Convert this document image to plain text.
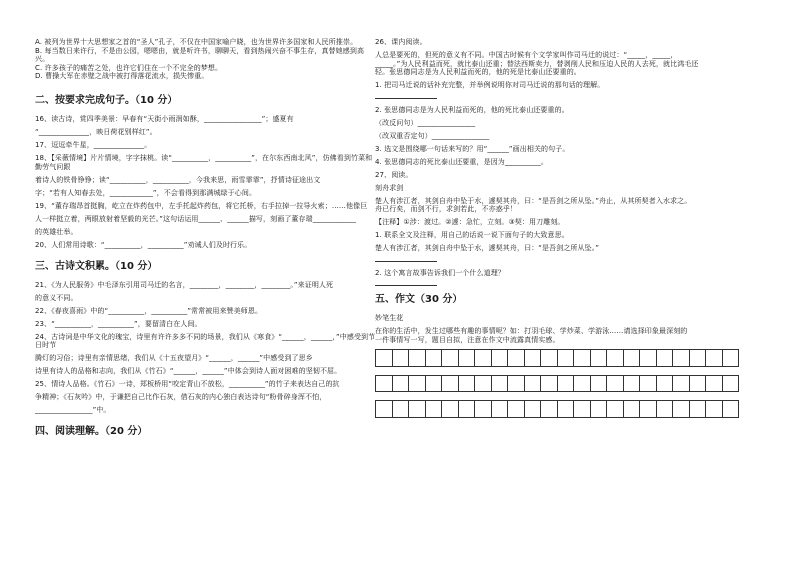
A. 被列为世界十大思想家之首的“圣人”孔子，不仅在中国家喻户晓，也为世界许多国家和人民所推崇。

B. 每当数日来许行，不是由公园，嗯嗯由，就是听许书，聊聊天，看到热闹兴奋不事生存，真替她感到高

兴。

C. 许多孩子的痛苦之处，也许它们住在一个不完全的梦想。

D. 曹操大军在赤壁之战中被打得落花流水，损失惨重。

二、按要求完成句子。（10 分）

16、读古诗，赏四季美景：早春有“天街小雨润如酥，________________”；盛夏有

“______________，映日荷花别样红”。

17、逗逗牵牛星，______________。

18、【采薇情境】片片情境，字字抹桃。读“__________，__________”，在尔东西南北风”，仿佛看到竹菜和勤劳气问跟

着诗人的铁骨铮铮；读“__________，__________，今我来思，雨雪霏霏”，抒情诗征途出文

字；“若有人知春去处，____________”，不会看得到那满城绿于心间。

19、“董存瑞昂首挺胸，屹立在炸药包中，左手托起炸药包，将它托桥，右手拉掉一拉导火索；……他像巨

人一样挺立着，两眼放射着坚毅的光芒。”这句话运用______、______描写，刻画了董存瑞____________

的英雄壮举。

20、人们常用诗歌：“__________，__________”劝诫人们及时行乐。

三、古诗文积累。（10 分）

21、《为人民服务》中毛泽东引用司马迁的名言，________，________，________。”来证明人死

的意义不同。

22、《春夜喜雨》中的“__________，__________”常常被用来赞美师恩。

23、“__________，__________”，要留清白在人间。

24、古诗词是中华文化的瑰宝，诗里有许许多多不同的场景，我们从《寒食》“______，______，”中感受到节日时节

腾灯的习俗；诗里有亲情思绪，我们从《十五夜望月》“______，______”中感受到了思乡

诗里有诗人的品格和志向，我们从《竹石》“______，______”中体会到诗人面对困难的坚韧不屈。

25、情诗人品格。《竹石》一诗，郑板桥用“咬定青山不放松，__________”的竹子来表达自己的抗

争精神；《石灰吟》中，于谦把自己比作石灰，借石灰的内心独白表达诗句“粉骨碎身浑不怕，

________________”中。

四、阅读理解。（20 分）

26、课内阅读。

人总是要死的，但死的意义有不同。中国古时候有个文学家叫作司马迁的说过：“_____，_____，

_____。”为人民利益而死，就比泰山还重；替法西斯卖力，替剥削人民和压迫人民的人去死，就比鸿毛还

轻。张思德同志是为人民利益而死的，他的死是比泰山还要重的。

1. 把司马迁说的话补充完整，并举例说明你对司马迁说的那句话的理解。

2. 张思德同志是为人民利益而死的，他的死比泰山还要重的。

（改反问句）________________

（改双重否定句）________________

3. 选文是围绕哪一句话来写的？用“______”画出相关的句子。

4. 张思德同志的死比泰山还要重，是因为__________。

27、阅读。

刻舟求剑

楚人有涉江者，其剑自舟中坠于水，遽契其舟，曰：“是吾剑之所从坠。”舟止，从其所契者入水求之。

舟已行矣，而剑不行，求剑若此，不亦惑乎！

【注释】①涉：渡过。②遽：急忙，立刻。③契：用刀雕刻。

1. 联系全文及注释，用自己的话说一说下面句子的大致意思。

楚人有涉江者，其剑自舟中坠于水，遽契其舟，曰：“是吾剑之所从坠。”

2. 这个寓言故事告诉我们一个什么道理？

五、作文（30 分）

妙笔生花

在你的生活中，发生过哪些有趣的事情呢？如：打羽毛球、学炒菜、学游泳……请选择印象最深刻的

一件事情写一写，题目自拟，注意在作文中流露真情实感。
